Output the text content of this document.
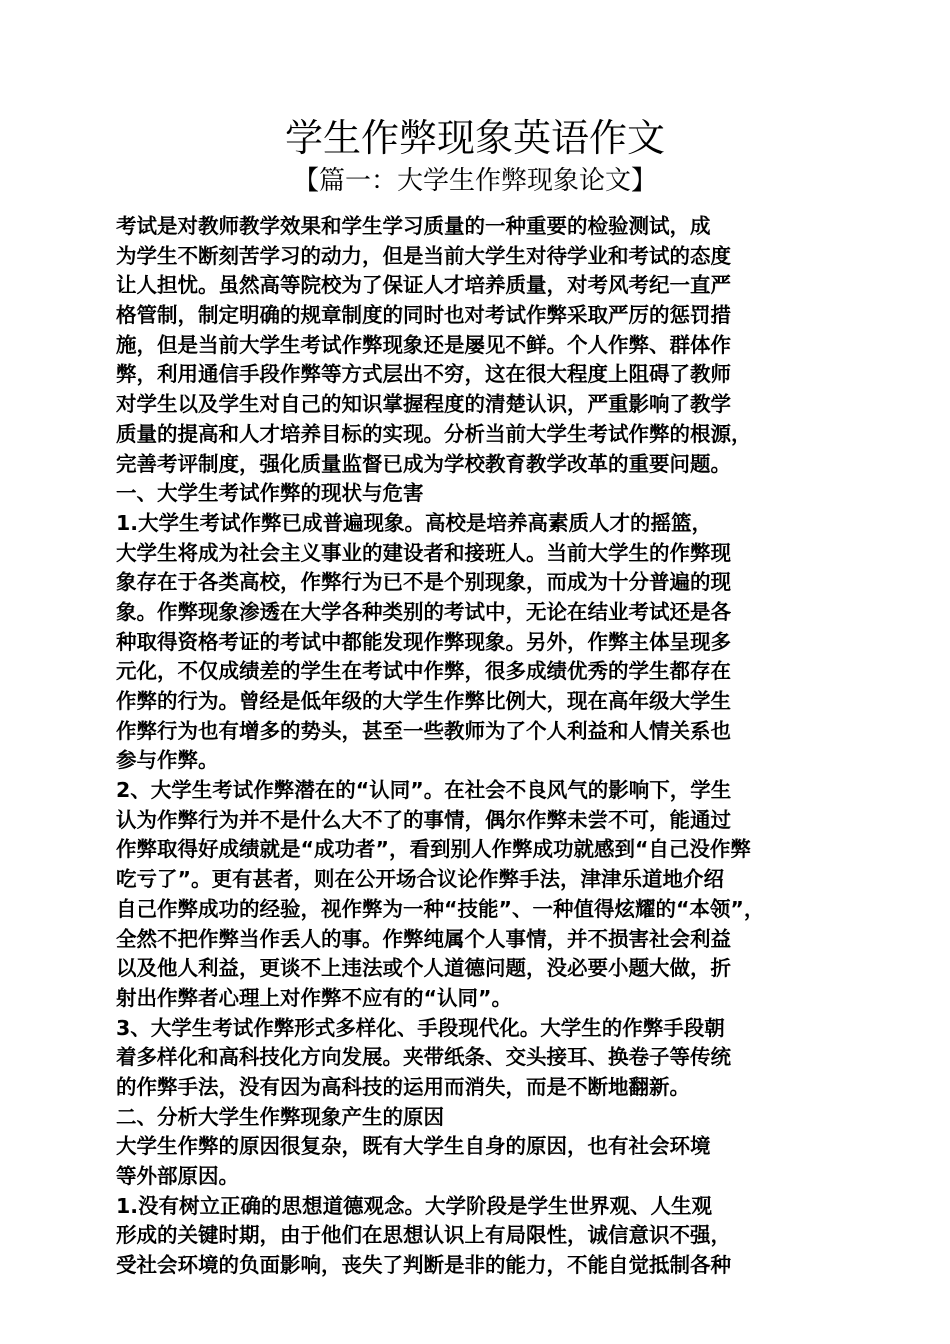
学生作弊现象英语作文
【篇一：大学生作弊现象论文】
考试是对教师教学效果和学生学习质量的一种重要的检验测试，成
为学生不断刻苦学习的动力，但是当前大学生对待学业和考试的态度
让人担忧。虽然高等院校为了保证人才培养质量，对考风考纪一直严
格管制，制定明确的规章制度的同时也对考试作弊采取严厉的惩罚措
施，但是当前大学生考试作弊现象还是屡见不鲜。个人作弊、群体作
弊，利用通信手段作弊等方式层出不穷，这在很大程度上阻碍了教师
对学生以及学生对自己的知识掌握程度的清楚认识，严重影响了教学
质量的提高和人才培养目标的实现。分析当前大学生考试作弊的根源，
完善考评制度，强化质量监督已成为学校教育教学改革的重要问题。
一、大学生考试作弊的现状与危害
1.大学生考试作弊已成普遍现象。高校是培养高素质人才的摇篮，
大学生将成为社会主义事业的建设者和接班人。当前大学生的作弊现
象存在于各类高校，作弊行为已不是个别现象，而成为十分普遍的现
象。作弊现象渗透在大学各种类别的考试中，无论在结业考试还是各
种取得资格考证的考试中都能发现作弊现象。另外，作弊主体呈现多
元化，不仅成绩差的学生在考试中作弊，很多成绩优秀的学生都存在
作弊的行为。曾经是低年级的大学生作弊比例大，现在高年级大学生
作弊行为也有增多的势头，甚至一些教师为了个人利益和人情关系也
参与作弊。
2、大学生考试作弊潜在的“认同”。在社会不良风气的影响下，学生
认为作弊行为并不是什么大不了的事情，偶尔作弊未尝不可，能通过
作弊取得好成绩就是“成功者”，看到别人作弊成功就感到“自己没作弊
吃亏了”。更有甚者，则在公开场合议论作弊手法，津津乐道地介绍
自己作弊成功的经验，视作弊为一种“技能”、一种值得炫耀的“本领”，
全然不把作弊当作丢人的事。作弊纯属个人事情，并不损害社会利益
以及他人利益，更谈不上违法或个人道德问题，没必要小题大做，折
射出作弊者心理上对作弊不应有的“认同”。
3、大学生考试作弊形式多样化、手段现代化。大学生的作弊手段朝
着多样化和高科技化方向发展。夹带纸条、交头接耳、换卷子等传统
的作弊手法，没有因为高科技的运用而消失，而是不断地翻新。
二、分析大学生作弊现象产生的原因
大学生作弊的原因很复杂，既有大学生自身的原因，也有社会环境
等外部原因。
1.没有树立正确的思想道德观念。大学阶段是学生世界观、人生观
形成的关键时期，由于他们在思想认识上有局限性，诚信意识不强，
受社会环境的负面影响，丧失了判断是非的能力，不能自觉抵制各种
